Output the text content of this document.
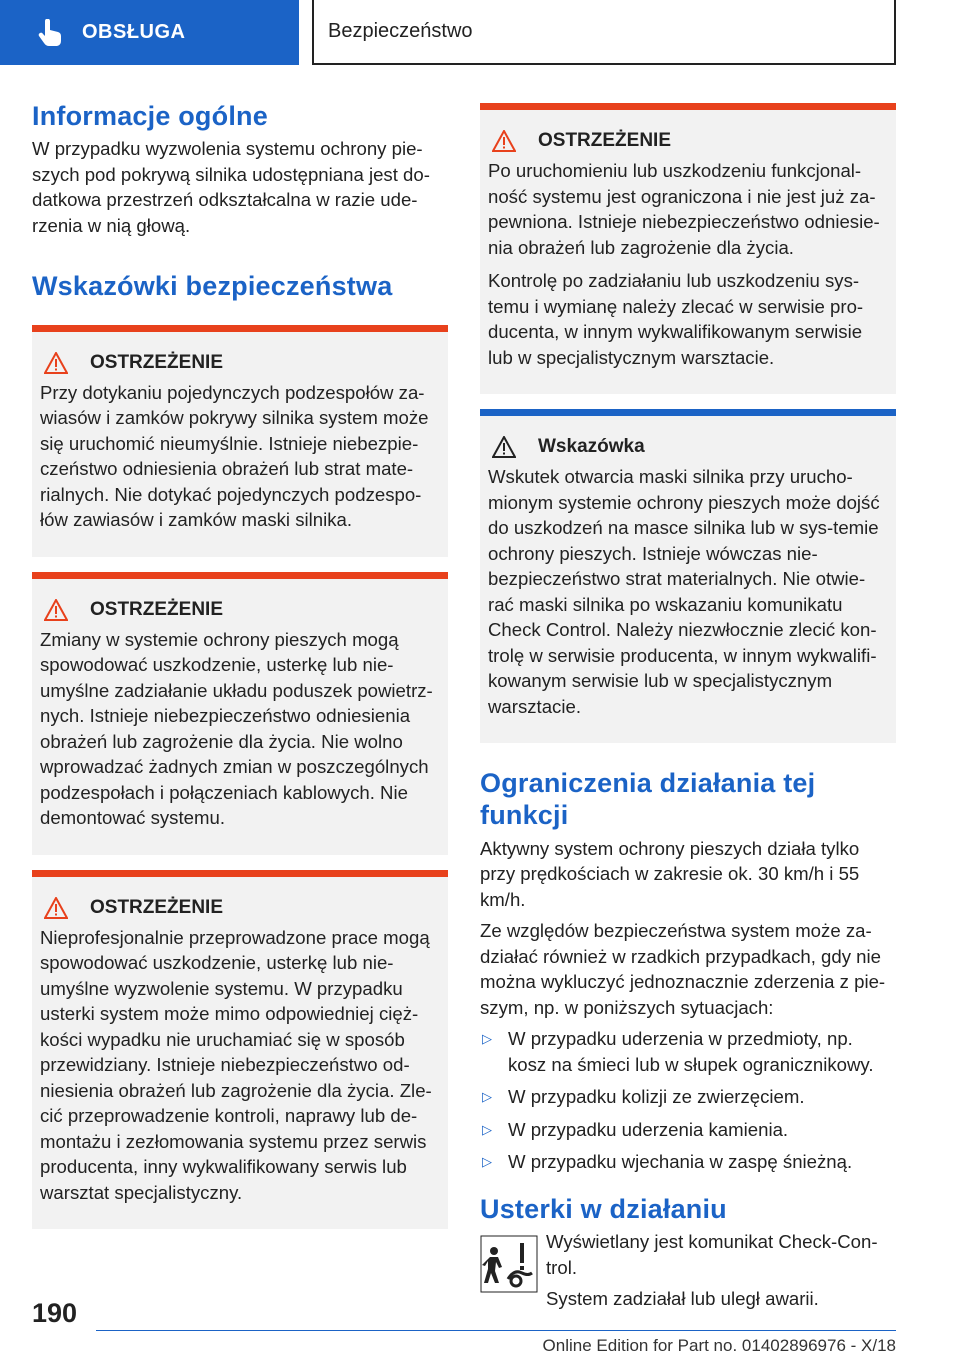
OBSŁUGA	Bezpieczeństwo
Informacje ogólne

W przypadku wyzwolenia systemu ochrony pie-szych pod pokrywą silnika udostępniana jest do-datkowa przestrzeń odkształcalna w razie ude-rzenia w nią głową.

Wskazówki bezpieczeństwa
OSTRZEŻENIE

Przy dotykaniu pojedynczych podzespołów za-wiasów i zamków pokrywy silnika system może się uruchomić nieumyślnie. Istnieje niebezpie-czeństwo odniesienia obrażeń lub strat mate-rialnych. Nie dotykać pojedynczych podzespo-łów zawiasów i zamków maski silnika.

OSTRZEŻENIE

Zmiany w systemie ochrony pieszych mogą spowodować uszkodzenie, usterkę lub nie-umyślne zadziałanie układu poduszek powietrz-nych. Istnieje niebezpieczeństwo odniesienia obrażeń lub zagrożenie dla życia. Nie wolno wprowadzać żadnych zmian w poszczególnych podzespołach i połączeniach kablowych. Nie demontować systemu.

OSTRZEŻENIE

Nieprofesjonalnie przeprowadzone prace mogą spowodować uszkodzenie, usterkę lub nie-umyślne wyzwolenie systemu. W przypadku usterki system może mimo odpowiedniej cięż-kości wypadku nie uruchamiać się w sposób przewidziany. Istnieje niebezpieczeństwo od-niesienia obrażeń lub zagrożenie dla życia. Zle-cić przeprowadzenie kontroli, naprawy lub de-montażu i zezłomowania systemu przez serwis producenta, inny wykwalifikowany serwis lub warsztat specjalistyczny.

OSTRZEŻENIE

Po uruchomieniu lub uszkodzeniu funkcjonal-ność systemu jest ograniczona i nie jest już za-pewniona. Istnieje niebezpieczeństwo odniesie-nia obrażeń lub zagrożenie dla życia.

Kontrolę po zadziałaniu lub uszkodzeniu sys-temu i wymianę należy zlecać w serwisie pro-ducenta, w innym wykwalifikowanym serwisie lub w specjalistycznym warsztacie.

Wskazówka

Wskutek otwarcia maski silnika przy urucho-mionym systemie ochrony pieszych może dojść do uszkodzeń na masce silnika lub w sys-temie ochrony pieszych. Istnieje wówczas nie-bezpieczeństwo strat materialnych. Nie otwie-rać maski silnika po wskazaniu komunikatu Check Control. Należy niezwłocznie zlecić kon-trolę w serwisie producenta, w innym wykwalifi-kowanym serwisie lub w specjalistycznym warsztacie.

Ograniczenia działania tej funkcji

Aktywny system ochrony pieszych działa tylko przy prędkościach w zakresie ok. 30 km/h i 55 km/h.

Ze względów bezpieczeństwa system może za-działać również w rzadkich przypadkach, gdy nie można wykluczyć jednoznacznie zderzenia z pie-szym, np. w poniższych sytuacjach:

▷ W przypadku uderzenia w przedmioty, np. kosz na śmieci lub w słupek ogranicznikowy.
▷ W przypadku kolizji ze zwierzęciem.
▷ W przypadku uderzenia kamienia.
▷ W przypadku wjechania w zaspę śnieżną.
Usterki w działaniu

Wyświetlany jest komunikat Check-Con-trol.

System zadziałał lub uległ awarii.

190
Online Edition for Part no. 01402896976 - X/18
